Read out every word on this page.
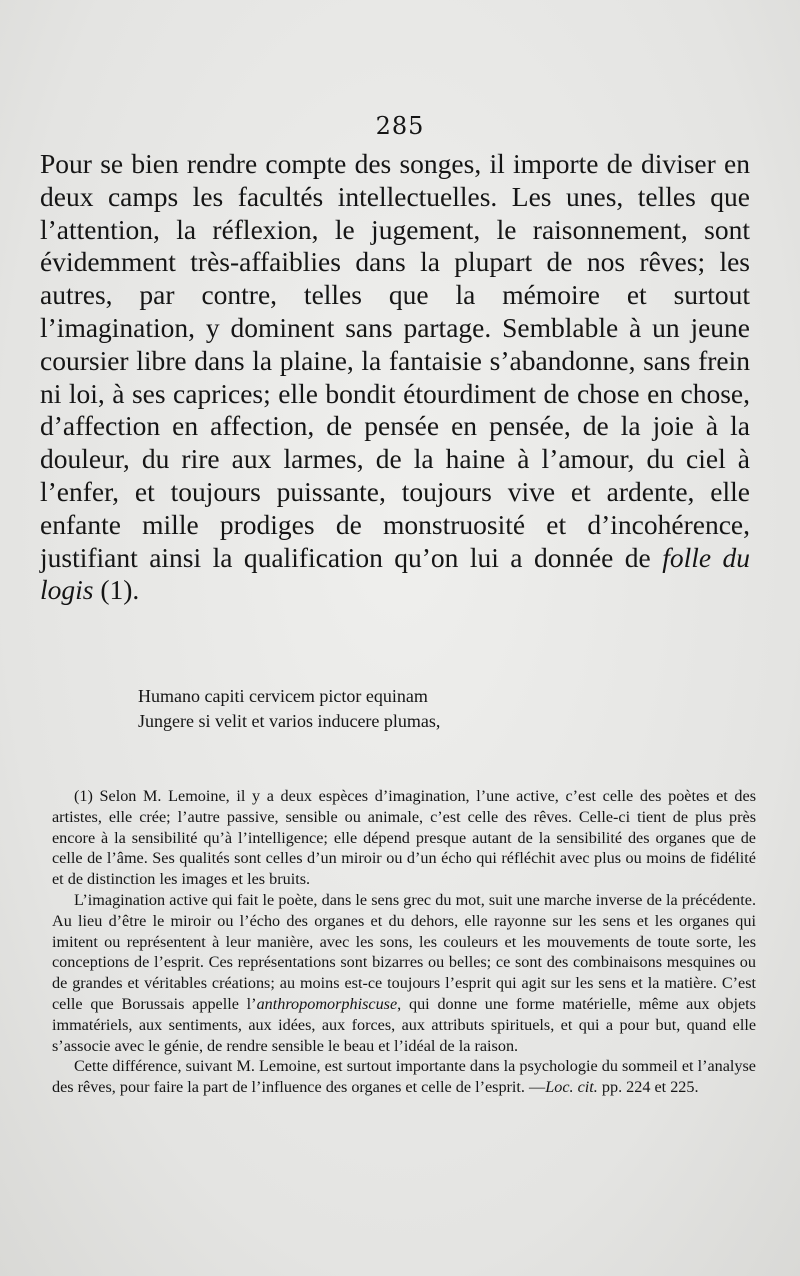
285

Pour se bien rendre compte des songes, il importe de diviser en deux camps les facultés intellectuelles. Les unes, telles que l’attention, la réflexion, le jugement, le raisonnement, sont évidemment très-affaiblies dans la plupart de nos rêves; les autres, par contre, telles que la mémoire et surtout l’imagination, y dominent sans partage. Semblable à un jeune coursier libre dans la plaine, la fantaisie s’abandonne, sans frein ni loi, à ses caprices; elle bondit étourdiment de chose en chose, d’affection en affection, de pensée en pensée, de la joie à la douleur, du rire aux larmes, de la haine à l’amour, du ciel à l’enfer, et toujours puissante, toujours vive et ardente, elle enfante mille prodiges de monstruosité et d’incohérence, justifiant ainsi la qualification qu’on lui a donnée de folle du logis (1).

Humano capiti cervicem pictor equinam
Jungere si velit et varios inducere plumas,

(1) Selon M. Lemoine, il y a deux espèces d’imagination, l’une active, c’est celle des poètes et des artistes, elle crée; l’autre passive, sensible ou animale, c’est celle des rêves. Celle-ci tient de plus près encore à la sensibilité qu’à l’intelligence; elle dépend presque autant de la sensibilité des organes que de celle de l’âme. Ses qualités sont celles d’un miroir ou d’un écho qui réfléchit avec plus ou moins de fidélité et de distinction les images et les bruits.

L’imagination active qui fait le poète, dans le sens grec du mot, suit une marche inverse de la précédente. Au lieu d’être le miroir ou l’écho des organes et du dehors, elle rayonne sur les sens et les organes qui imitent ou représentent à leur manière, avec les sons, les couleurs et les mouvements de toute sorte, les conceptions de l’esprit. Ces représentations sont bizarres ou belles; ce sont des combinaisons mesquines ou de grandes et véritables créations; au moins est-ce toujours l’esprit qui agit sur les sens et la matière. C’est celle que Borussais appelle l’anthropomorphiscuse, qui donne une forme matérielle, même aux objets immatériels, aux sentiments, aux idées, aux forces, aux attributs spirituels, et qui a pour but, quand elle s’associe avec le génie, de rendre sensible le beau et l’idéal de la raison.

Cette différence, suivant M. Lemoine, est surtout importante dans la psychologie du sommeil et l’analyse des rêves, pour faire la part de l’influence des organes et celle de l’esprit. —Loc. cit. pp. 224 et 225.
